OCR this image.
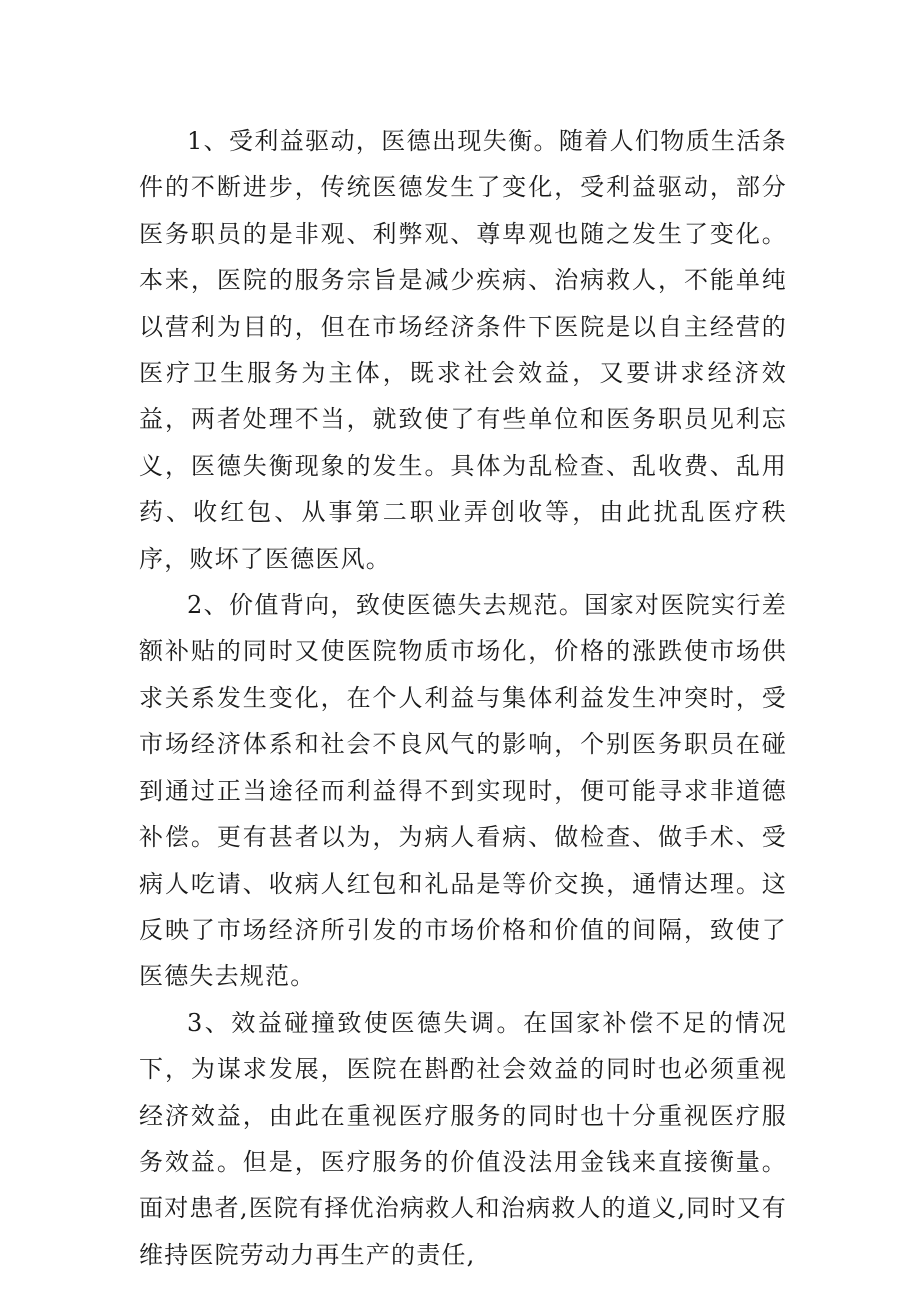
1、受利益驱动，医德出现失衡。随着人们物质生活条件的不断进步，传统医德发生了变化，受利益驱动，部分医务职员的是非观、利弊观、尊卑观也随之发生了变化。本来，医院的服务宗旨是减少疾病、治病救人，不能单纯以营利为目的，但在市场经济条件下医院是以自主经营的医疗卫生服务为主体，既求社会效益，又要讲求经济效益，两者处理不当，就致使了有些单位和医务职员见利忘义，医德失衡现象的发生。具体为乱检查、乱收费、乱用药、收红包、从事第二职业弄创收等，由此扰乱医疗秩序，败坏了医德医风。

2、价值背向，致使医德失去规范。国家对医院实行差额补贴的同时又使医院物质市场化，价格的涨跌使市场供求关系发生变化，在个人利益与集体利益发生冲突时，受市场经济体系和社会不良风气的影响，个别医务职员在碰到通过正当途径而利益得不到实现时，便可能寻求非道德补偿。更有甚者以为，为病人看病、做检查、做手术、受病人吃请、收病人红包和礼品是等价交换，通情达理。这反映了市场经济所引发的市场价格和价值的间隔，致使了医德失去规范。

3、效益碰撞致使医德失调。在国家补偿不足的情况下，为谋求发展，医院在斟酌社会效益的同时也必须重视经济效益，由此在重视医疗服务的同时也十分重视医疗服务效益。但是，医疗服务的价值没法用金钱来直接衡量。面对患者,医院有择优治病救人和治病救人的道义,同时又有维持医院劳动力再生产的责任,
